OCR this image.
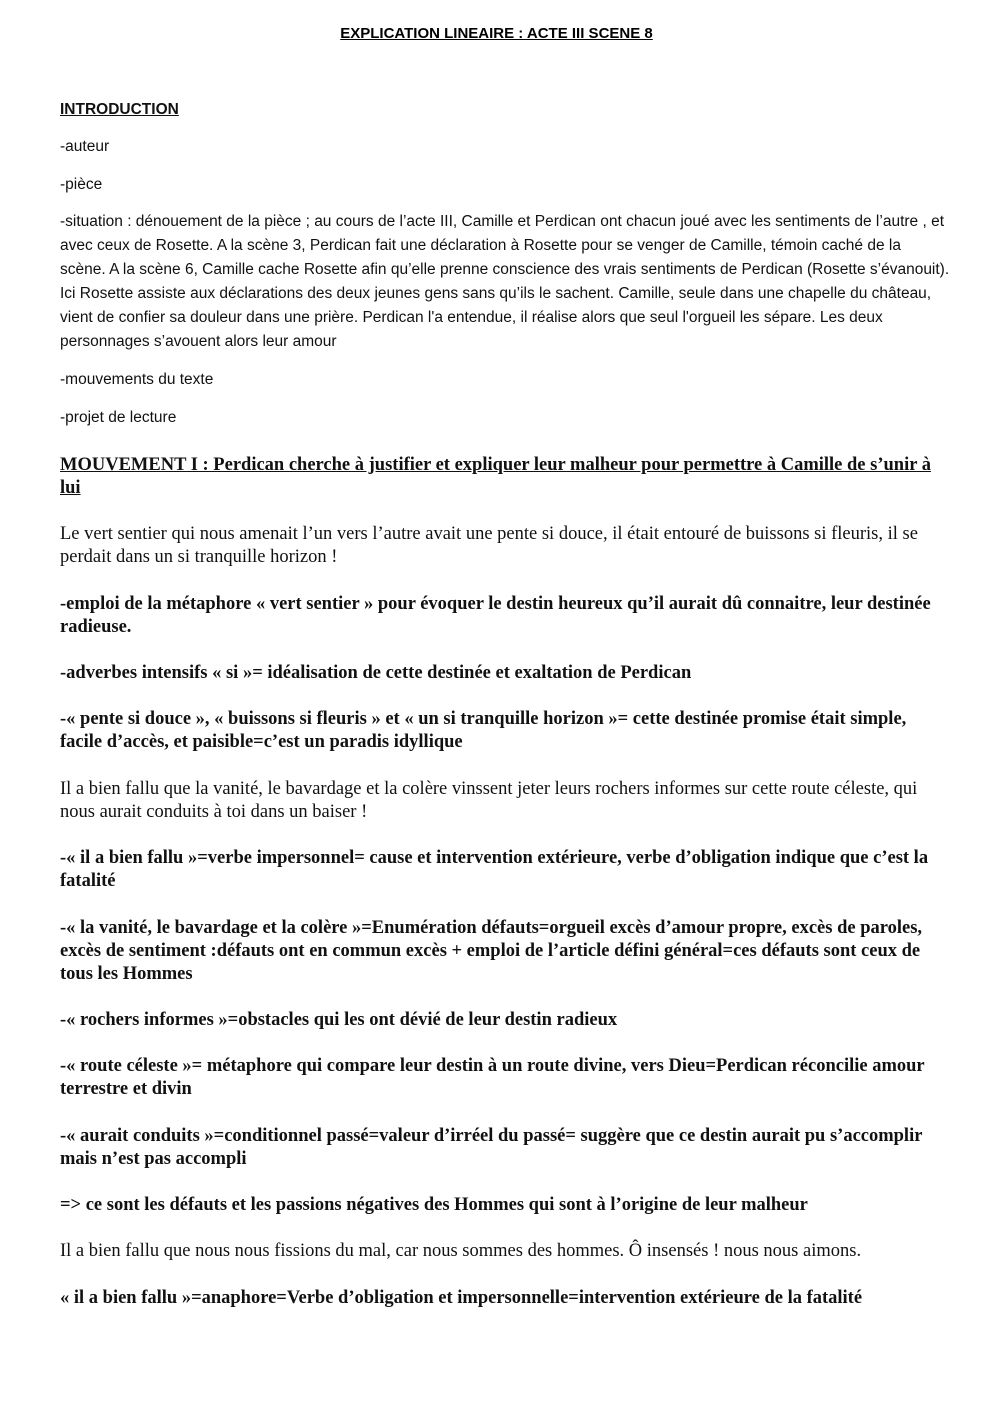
EXPLICATION LINEAIRE : ACTE III SCENE 8
INTRODUCTION
-auteur
-pièce
-situation : dénouement de la pièce ; au cours de l’acte III, Camille et Perdican ont chacun joué avec les sentiments de l’autre , et avec ceux de Rosette. A la scène 3, Perdican fait une déclaration à Rosette pour se venger de Camille, témoin caché de la scène. A la scène 6, Camille cache Rosette afin qu’elle prenne conscience des vrais sentiments de Perdican (Rosette s’évanouit). Ici Rosette assiste aux déclarations des deux jeunes gens sans qu’ils le sachent. Camille, seule dans une chapelle du château, vient de confier sa douleur dans une prière. Perdican l'a entendue, il réalise alors que seul l'orgueil les sépare. Les deux personnages s’avouent alors leur amour
-mouvements du texte
-projet de lecture
MOUVEMENT I : Perdican cherche à justifier et expliquer leur malheur pour permettre à Camille de s’unir à lui
Le vert sentier qui nous amenait l’un vers l’autre avait une pente si douce, il était entouré de buissons si fleuris, il se perdait dans un si tranquille horizon !
-emploi de la métaphore « vert sentier » pour évoquer le destin heureux qu’il aurait dû connaitre, leur destinée radieuse.
-adverbes intensifs « si »= idéalisation de cette destinée et exaltation de Perdican
-« pente si douce », « buissons si fleuris » et « un si tranquille horizon »= cette destinée promise était simple, facile d’accès, et paisible=c’est un paradis idyllique
Il a bien fallu que la vanité, le bavardage et la colère vinssent jeter leurs rochers informes sur cette route céleste, qui nous aurait conduits à toi dans un baiser !
-« il a bien fallu »=verbe impersonnel= cause et intervention extérieure, verbe d’obligation indique que c’est la fatalité
-« la vanité, le bavardage et la colère »=Enumération défauts=orgueil excès d’amour propre, excès de paroles, excès de sentiment :défauts ont en commun excès + emploi de l’article défini général=ces défauts sont ceux de tous les Hommes
-« rochers informes »=obstacles qui les ont dévié de leur destin radieux
-« route céleste »= métaphore qui compare leur destin à un route divine, vers Dieu=Perdican réconcilie amour terrestre et divin
-« aurait conduits »=conditionnel passé=valeur d’irréel du passé= suggère que ce destin aurait pu s’accomplir mais n’est pas accompli
=> ce sont les défauts et les passions négatives des Hommes qui sont à l’origine de leur malheur
Il a bien fallu que nous nous fissions du mal, car nous sommes des hommes. Ô insensés ! nous nous aimons.
« il a bien fallu »=anaphore=Verbe d’obligation et impersonnelle=intervention extérieure de la fatalité
